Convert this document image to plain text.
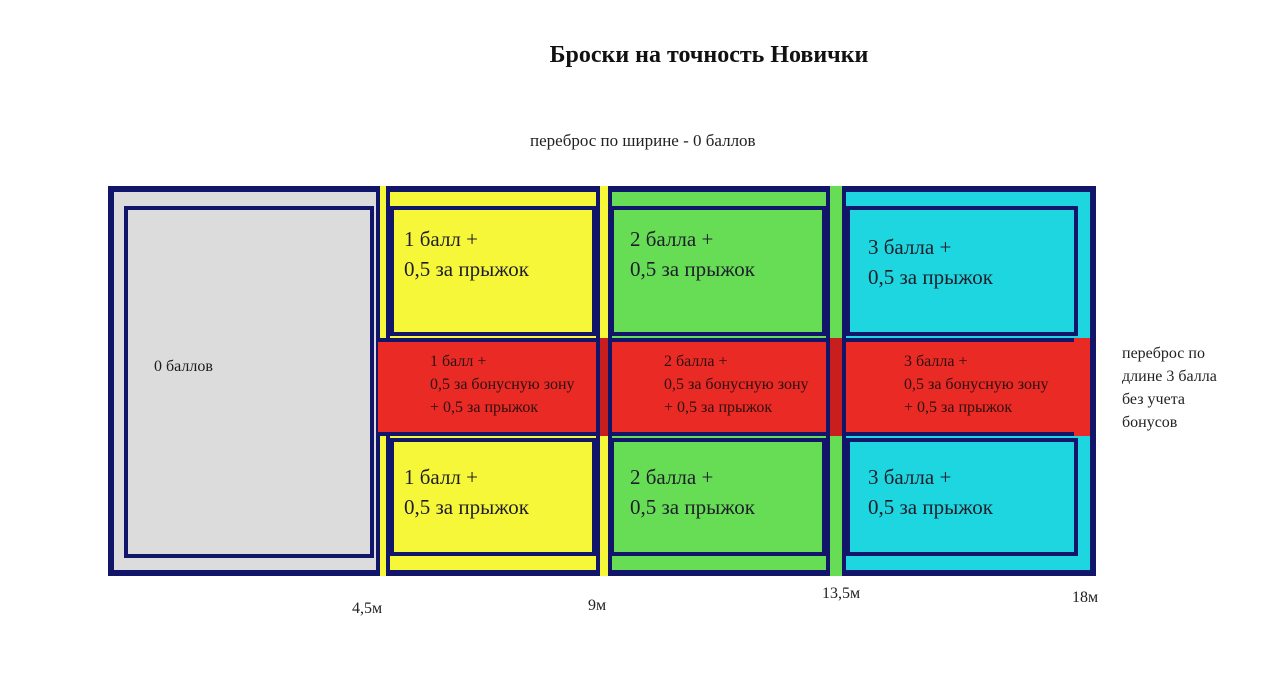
Броски на точность Новички
переброс по ширине - 0 баллов
0 баллов
1 балл +
0,5 за прыжок
1 балл +
0,5 за бонусную зону
+ 0,5 за прыжок
1 балл +
0,5 за прыжок
2 балла +
0,5 за прыжок
2 балла +
0,5 за бонусную зону
+ 0,5 за прыжок
2 балла +
0,5 за прыжок
3 балла +
0,5 за прыжок
3 балла +
0,5 за бонусную зону
+ 0,5 за прыжок
3 балла +
0,5 за прыжок
переброс по
длине 3 балла
без учета
бонусов
4,5м	9м
13,5м	18м
